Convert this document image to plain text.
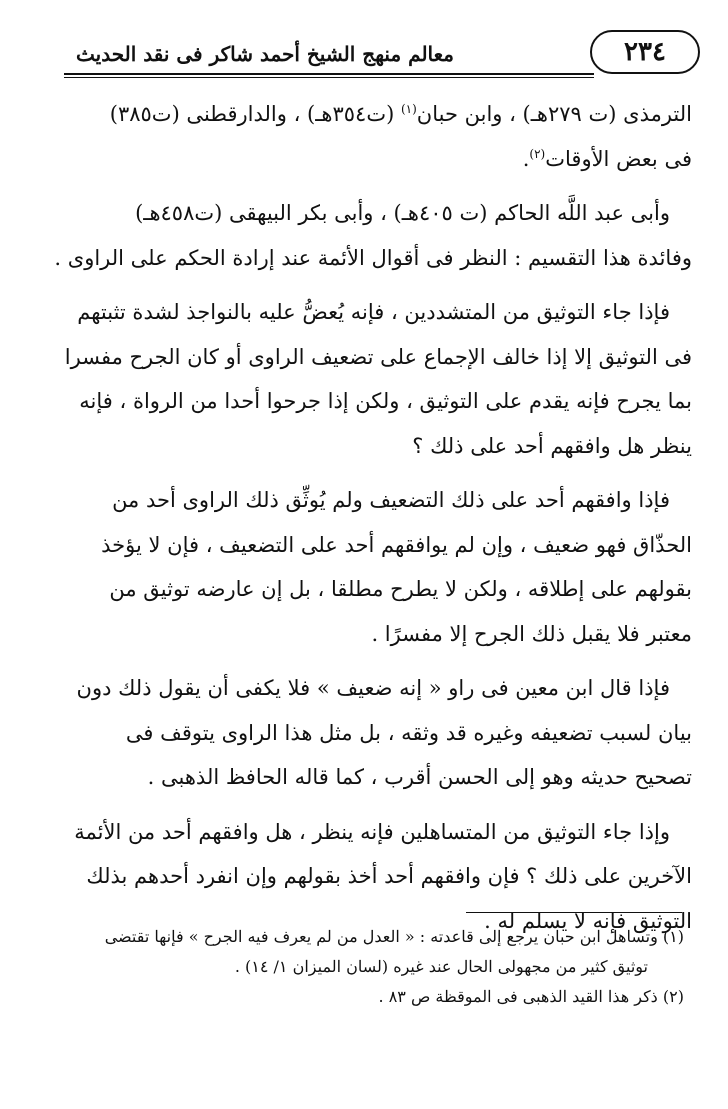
معالم منهج الشيخ أحمد شاكر فى نقد الحديث	٢٣٤
الترمذى (ت ٢٧٩هـ) ، وابن حبان$^{(١)}$ (ت٣٥٤هـ) ، والدارقطنى (ت٣٨٥)
فى بعض الأوقات$^{(٢)}$.
وأبى عبد اللَّه الحاكم (ت ٤٠٥هـ) ، وأبى بكر البيهقى (ت٤٥٨هـ)
وفائدة هذا التقسيم : النظر فى أقوال الأئمة عند إرادة الحكم على الراوى .
فإذا جاء التوثيق من المتشددين ، فإنه يُعضُّ عليه بالنواجذ لشدة تثبتهم
فى التوثيق إلا إذا خالف الإجماع على تضعيف الراوى أو كان الجرح مفسرا
بما يجرح فإنه يقدم على التوثيق ، ولكن إذا جرحوا أحدا من الرواة ، فإنه
ينظر هل وافقهم أحد على ذلك ؟
فإذا وافقهم أحد على ذلك التضعيف ولم يُوثِّق ذلك الراوى أحد من
الحذّاق فهو ضعيف ، وإن لم يوافقهم أحد على التضعيف ، فإن لا يؤخذ
بقولهم على إطلاقه ، ولكن لا يطرح مطلقا ، بل إن عارضه توثيق من
معتبر فلا يقبل ذلك الجرح إلا مفسرًا .
فإذا قال ابن معين فى راو « إنه ضعيف » فلا يكفى أن يقول ذلك دون
بيان لسبب تضعيفه وغيره قد وثقه ، بل مثل هذا الراوى يتوقف فى
تصحيح حديثه وهو إلى الحسن أقرب ، كما قاله الحافظ الذهبى .
وإذا جاء التوثيق من المتساهلين فإنه ينظر ، هل وافقهم أحد من الأئمة
الآخرين على ذلك ؟ فإن وافقهم أحد أخذ بقولهم وإن انفرد أحدهم بذلك
التوثيق فإنه لا يسلم له .
(١) وتساهل ابن حبان يرجع إلى قاعدته : « العدل من لم يعرف فيه الجرح » فإنها تقتضى
توثيق كثير من مجهولى الحال عند غيره (لسان الميزان ١/ ١٤) .
(٢) ذكر هذا القيد الذهبى فى الموقظة ص ٨٣ .
